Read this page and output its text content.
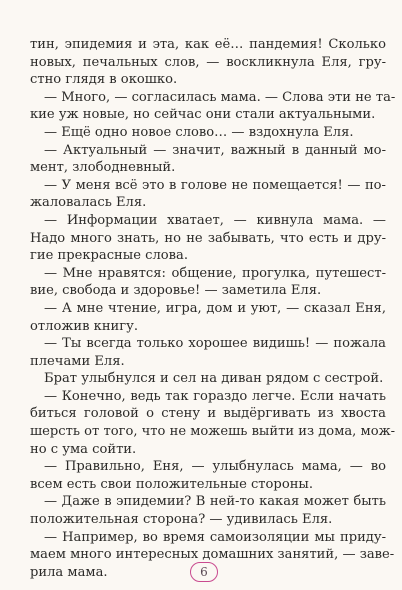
тин, эпидемия и эта, как её… пандемия! Сколько
новых, печальных слов, — воскликнула Еля, гру-
стно глядя в окошко.
— Много, — согласилась мама. — Слова эти не та-
кие уж новые, но сейчас они стали актуальными.
— Ещё одно новое слово… — вздохнула Еля.
— Актуальный — значит, важный в данный мо-
мент, злободневный.
— У меня всё это в голове не помещается! — по-
жаловалась Еля.
— Информации хватает, — кивнула мама. —
Надо много знать, но не забывать, что есть и дру-
гие прекрасные слова.
— Мне нравятся: общение, прогулка, путешест-
вие, свобода и здоровье! — заметила Еля.
— А мне чтение, игра, дом и уют, — сказал Еня,
отложив книгу.
— Ты всегда только хорошее видишь! — пожала
плечами Еля.
Брат улыбнулся и сел на диван рядом с сестрой.
— Конечно, ведь так гораздо легче. Если начать
биться головой о стену и выдёргивать из хвоста
шерсть от того, что не можешь выйти из дома, мож-
но с ума сойти.
— Правильно, Еня, — улыбнулась мама, — во
всем есть свои положительные стороны.
— Даже в эпидемии? В ней-то какая может быть
положительная сторона? — удивилась Еля.
— Например, во время самоизоляции мы приду-
маем много интересных домашних занятий, — заве-
рила мама.	6
